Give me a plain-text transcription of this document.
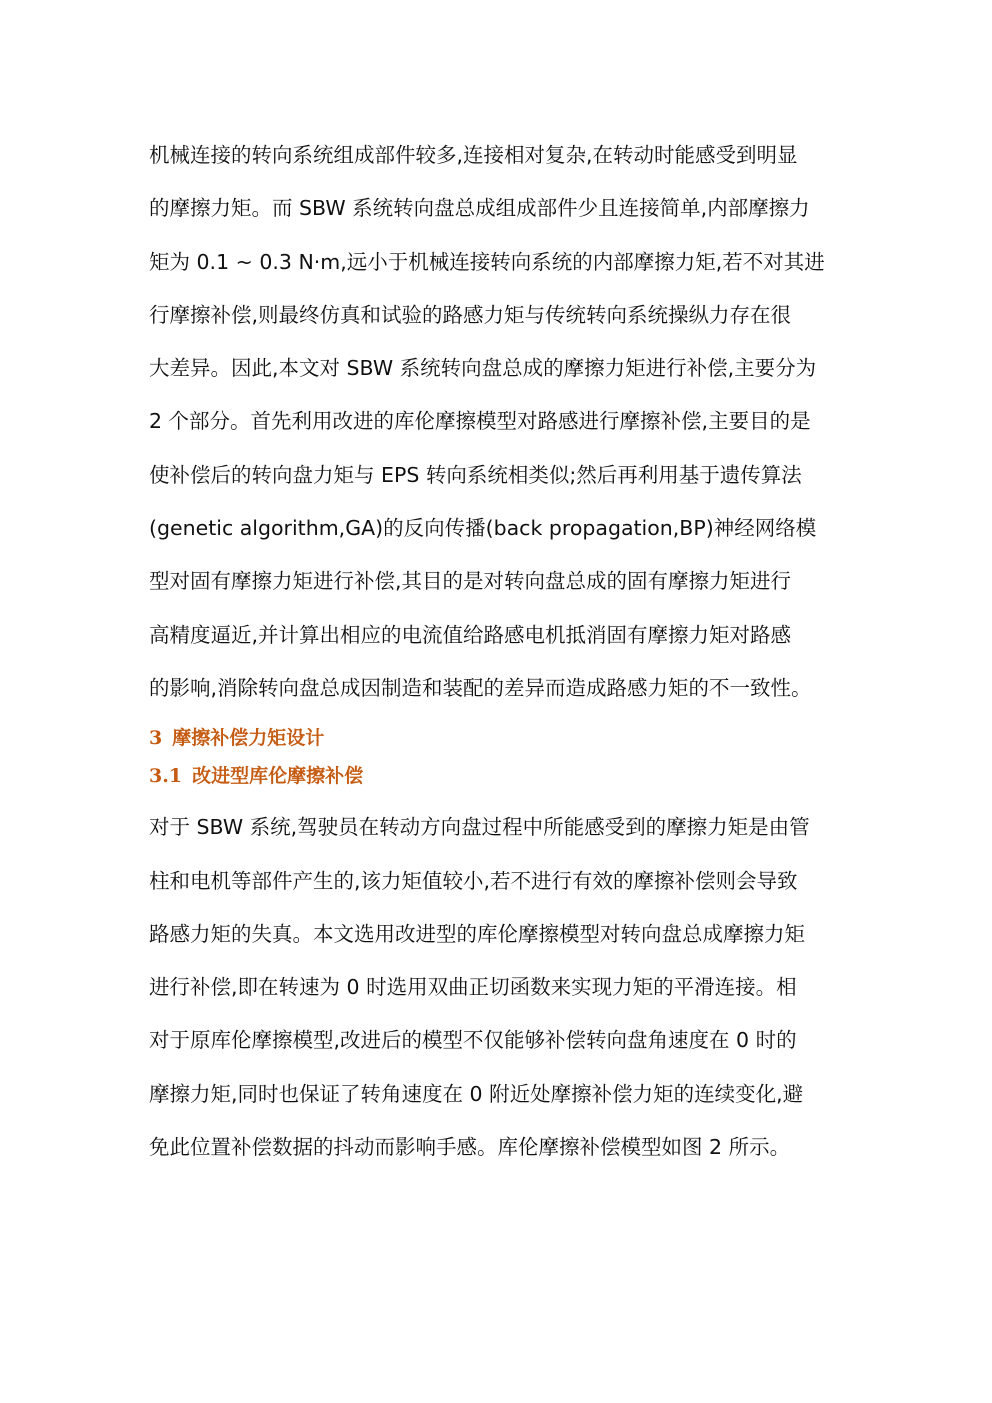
机械连接的转向系统组成部件较多,连接相对复杂,在转动时能感受到明显
的摩擦力矩。而 SBW 系统转向盘总成组成部件少且连接简单,内部摩擦力
矩为 0.1 ~ 0.3 N·m,远小于机械连接转向系统的内部摩擦力矩,若不对其进
行摩擦补偿,则最终仿真和试验的路感力矩与传统转向系统操纵力存在很
大差异。因此,本文对 SBW 系统转向盘总成的摩擦力矩进行补偿,主要分为
2 个部分。首先利用改进的库伦摩擦模型对路感进行摩擦补偿,主要目的是
使补偿后的转向盘力矩与 EPS 转向系统相类似;然后再利用基于遗传算法
(genetic algorithm,GA)的反向传播(back propagation,BP)神经网络模
型对固有摩擦力矩进行补偿,其目的是对转向盘总成的固有摩擦力矩进行
高精度逼近,并计算出相应的电流值给路感电机抵消固有摩擦力矩对路感
的影响,消除转向盘总成因制造和装配的差异而造成路感力矩的不一致性。
3 摩擦补偿力矩设计
3.1 改进型库伦摩擦补偿
对于 SBW 系统,驾驶员在转动方向盘过程中所能感受到的摩擦力矩是由管
柱和电机等部件产生的,该力矩值较小,若不进行有效的摩擦补偿则会导致
路感力矩的失真。本文选用改进型的库伦摩擦模型对转向盘总成摩擦力矩
进行补偿,即在转速为 0 时选用双曲正切函数来实现力矩的平滑连接。相
对于原库伦摩擦模型,改进后的模型不仅能够补偿转向盘角速度在 0 时的
摩擦力矩,同时也保证了转角速度在 0 附近处摩擦补偿力矩的连续变化,避
免此位置补偿数据的抖动而影响手感。库伦摩擦补偿模型如图 2 所示。
